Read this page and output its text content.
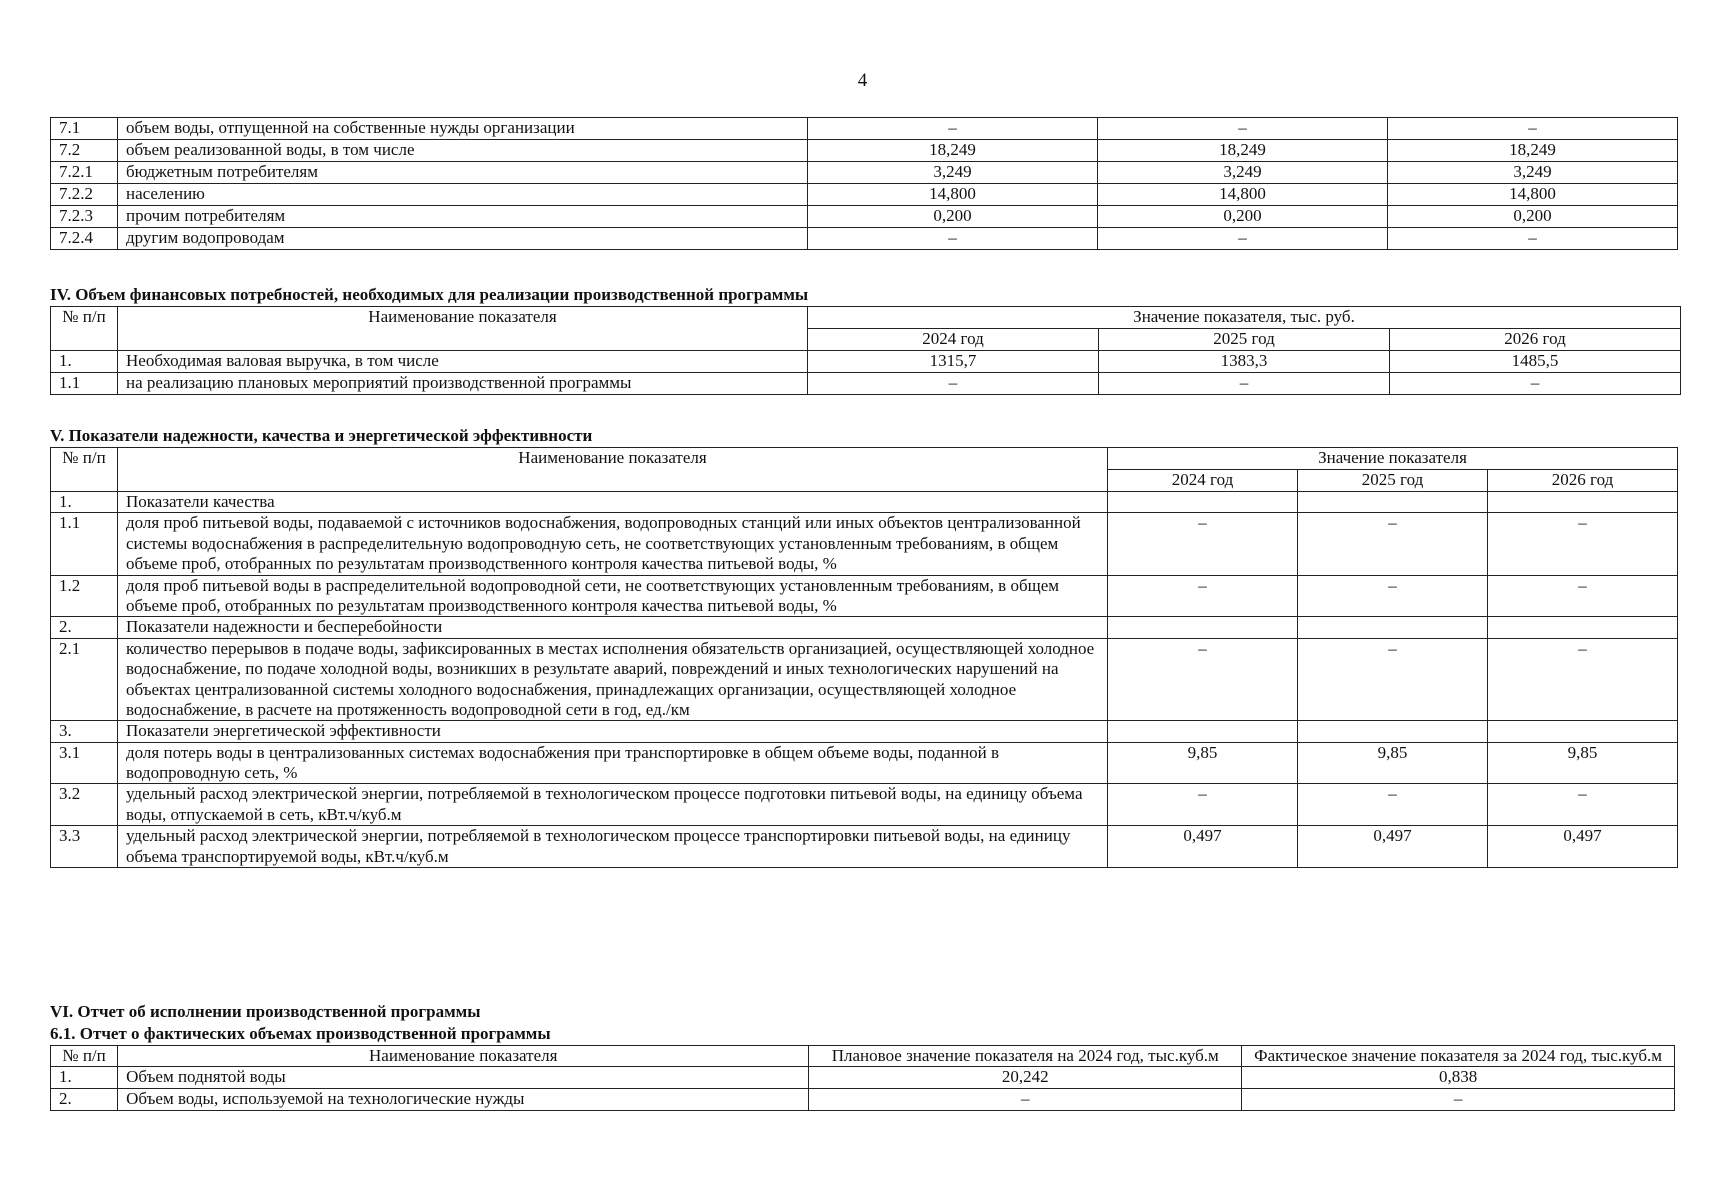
4
7.1	объем воды, отпущенной на собственные нужды организации	–	–	–
7.2	объем реализованной воды, в том числе	18,249	18,249	18,249
7.2.1	бюджетным потребителям	3,249	3,249	3,249
7.2.2	населению	14,800	14,800	14,800
7.2.3	прочим потребителям	0,200	0,200	0,200
7.2.4	другим водопроводам	–	–	–

IV. Объем финансовых потребностей, необходимых для реализации производственной программы

№ п/п	Наименование показателя	Значение показателя, тыс. руб.		
		2024 год	2025 год	2026 год
1.	Необходимая валовая выручка, в том числе	1315,7	1383,3	1485,5
1.1	на реализацию плановых мероприятий производственной программы	–	–	–

V. Показатели надежности, качества и энергетической эффективности

№ п/п	Наименование показателя	Значение показателя		
		2024 год	2025 год	2026 год
1.	Показатели качества			
1.1	доля проб питьевой воды, подаваемой с источников водоснабжения, водопроводных станций или иных объектов централизованной системы водоснабжения в распределительную водопроводную сеть, не соответствующих установленным требованиям, в общем объеме проб, отобранных по результатам производственного контроля качества питьевой воды, %	–	–	–
1.2	доля проб питьевой воды в распределительной водопроводной сети, не соответствующих установленным требованиям, в общем объеме проб, отобранных по результатам производственного контроля качества питьевой воды, %	–	–	–
2.	Показатели надежности и бесперебойности			
2.1	количество перерывов в подаче воды, зафиксированных в местах исполнения обязательств организацией, осуществляющей холодное водоснабжение, по подаче холодной воды, возникших в результате аварий, повреждений и иных технологических нарушений на объектах централизованной системы холодного водоснабжения, принадлежащих организации, осуществляющей холодное водоснабжение, в расчете на протяженность водопроводной сети в год, ед./км	–	–	–
3.	Показатели энергетической эффективности			
3.1	доля потерь воды в централизованных системах водоснабжения при транспортировке в общем объеме воды, поданной в водопроводную сеть, %	9,85	9,85	9,85
3.2	удельный расход электрической энергии, потребляемой в технологическом процессе подготовки питьевой воды, на единицу объема воды, отпускаемой в сеть, кВт.ч/куб.м	–	–	–
3.3	удельный расход электрической энергии, потребляемой в технологическом процессе транспортировки питьевой воды, на единицу объема транспортируемой воды, кВт.ч/куб.м	0,497	0,497	0,497

VI. Отчет об исполнении производственной программы

6.1. Отчет о фактических объемах производственной программы

№ п/п	Наименование показателя	Плановое значение показателя на 2024 год, тыс.куб.м	Фактическое значение показателя за 2024 год, тыс.куб.м
1.	Объем поднятой воды	20,242	0,838
2.	Объем воды, используемой на технологические нужды	–	–
